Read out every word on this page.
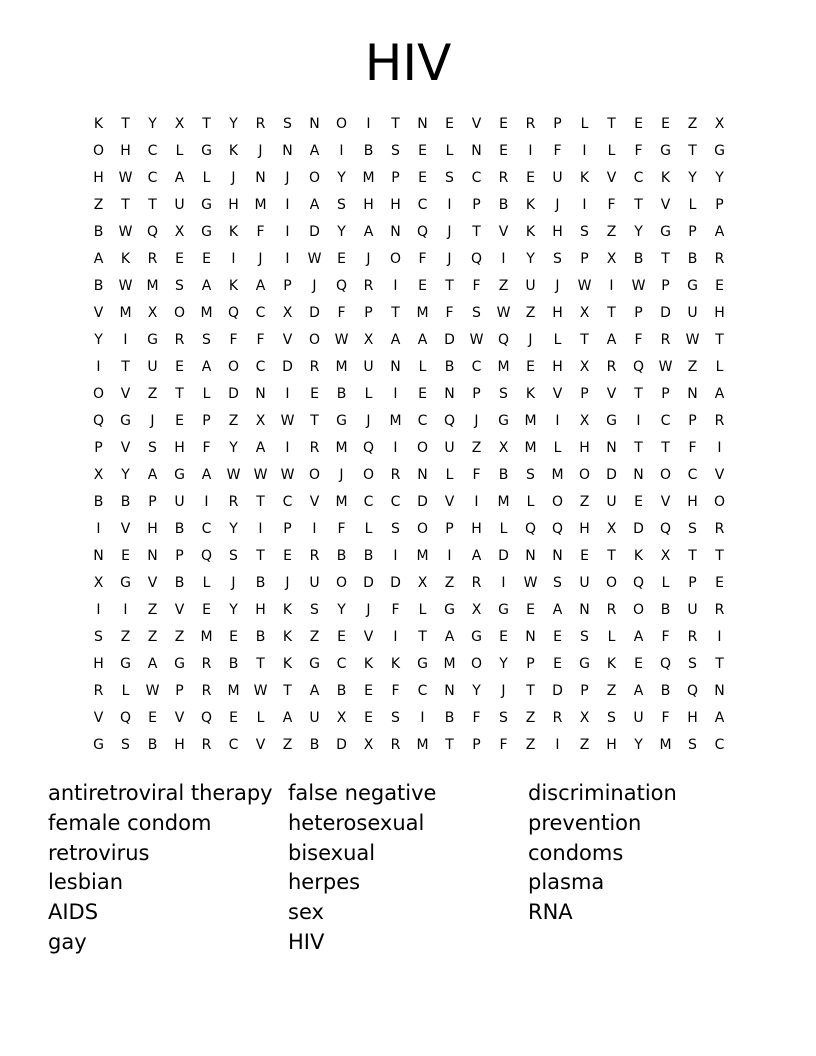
HIV
K	T	Y	X	T	Y	R	S	N	O	I	T	N	E	V	E	R	P	L	T	E	E	Z	X
O	H	C	L	G	K	J	N	A	I	B	S	E	L	N	E	I	F	I	L	F	G	T	G
H	W	C	A	L	J	N	J	O	Y	M	P	E	S	C	R	E	U	K	V	C	K	Y	Y
Z	T	T	U	G	H	M	I	A	S	H	H	C	I	P	B	K	J	I	F	T	V	L	P
B	W	Q	X	G	K	F	I	D	Y	A	N	Q	J	T	V	K	H	S	Z	Y	G	P	A
A	K	R	E	E	I	J	I	W	E	J	O	F	J	Q	I	Y	S	P	X	B	T	B	R
B	W	M	S	A	K	A	P	J	Q	R	I	E	T	F	Z	U	J	W	I	W	P	G	E
V	M	X	O	M	Q	C	X	D	F	P	T	M	F	S	W	Z	H	X	T	P	D	U	H
Y	I	G	R	S	F	F	V	O	W	X	A	A	D	W	Q	J	L	T	A	F	R	W	T
I	T	U	E	A	O	C	D	R	M	U	N	L	B	C	M	E	H	X	R	Q	W	Z	L
O	V	Z	T	L	D	N	I	E	B	L	I	E	N	P	S	K	V	P	V	T	P	N	A
Q	G	J	E	P	Z	X	W	T	G	J	M	C	Q	J	G	M	I	X	G	I	C	P	R
P	V	S	H	F	Y	A	I	R	M	Q	I	O	U	Z	X	M	L	H	N	T	T	F	I
X	Y	A	G	A	W W W	O	J	O	R	N	L	F	B	S	M	O	D	N	O	C	V
B	B	P	U	I	R	T	C	V	M	C	C	D	V	I	M	L	O	Z	U	E	V	H	O
I	V	H	B	C	Y	I	P	I	F	L	S	O	P	H	L	Q	Q	H	X	D	Q	S	R
N	E	N	P	Q	S	T	E	R	B	B	I	M	I	A	D	N	N	E	T	K	X	T	T
X	G	V	B	L	J	B	J	U	O	D	D	X	Z	R	I	W	S	U	O	Q	L	P	E
I	I	Z	V	E	Y	H	K	S	Y	J	F	L	G	X	G	E	A	N	R	O	B	U	R
S	Z	Z	Z	M	E	B	K	Z	E	V	I	T	A	G	E	N	E	S	L	A	F	R	I
H	G	A	G	R	B	T	K	G	C	K	K	G	M	O	Y	P	E	G	K	E	Q	S	T
R	L	W	P	R	M	W	T	A	B	E	F	C	N	Y	J	T	D	P	Z	A	B	Q	N
V	Q	E	V	Q	E	L	A	U	X	E	S	I	B	F	S	Z	R	X	S	U	F	H	A
G	S	B	H	R	C	V	Z	B	D	X	R	M	T	P	F	Z	I	Z	H	Y	M	S	C
antiretroviral therapy
female condom
retrovirus
lesbian
AIDS
gay
false negative
heterosexual
bisexual
herpes
sex
HIV
discrimination
prevention
condoms
plasma
RNA
